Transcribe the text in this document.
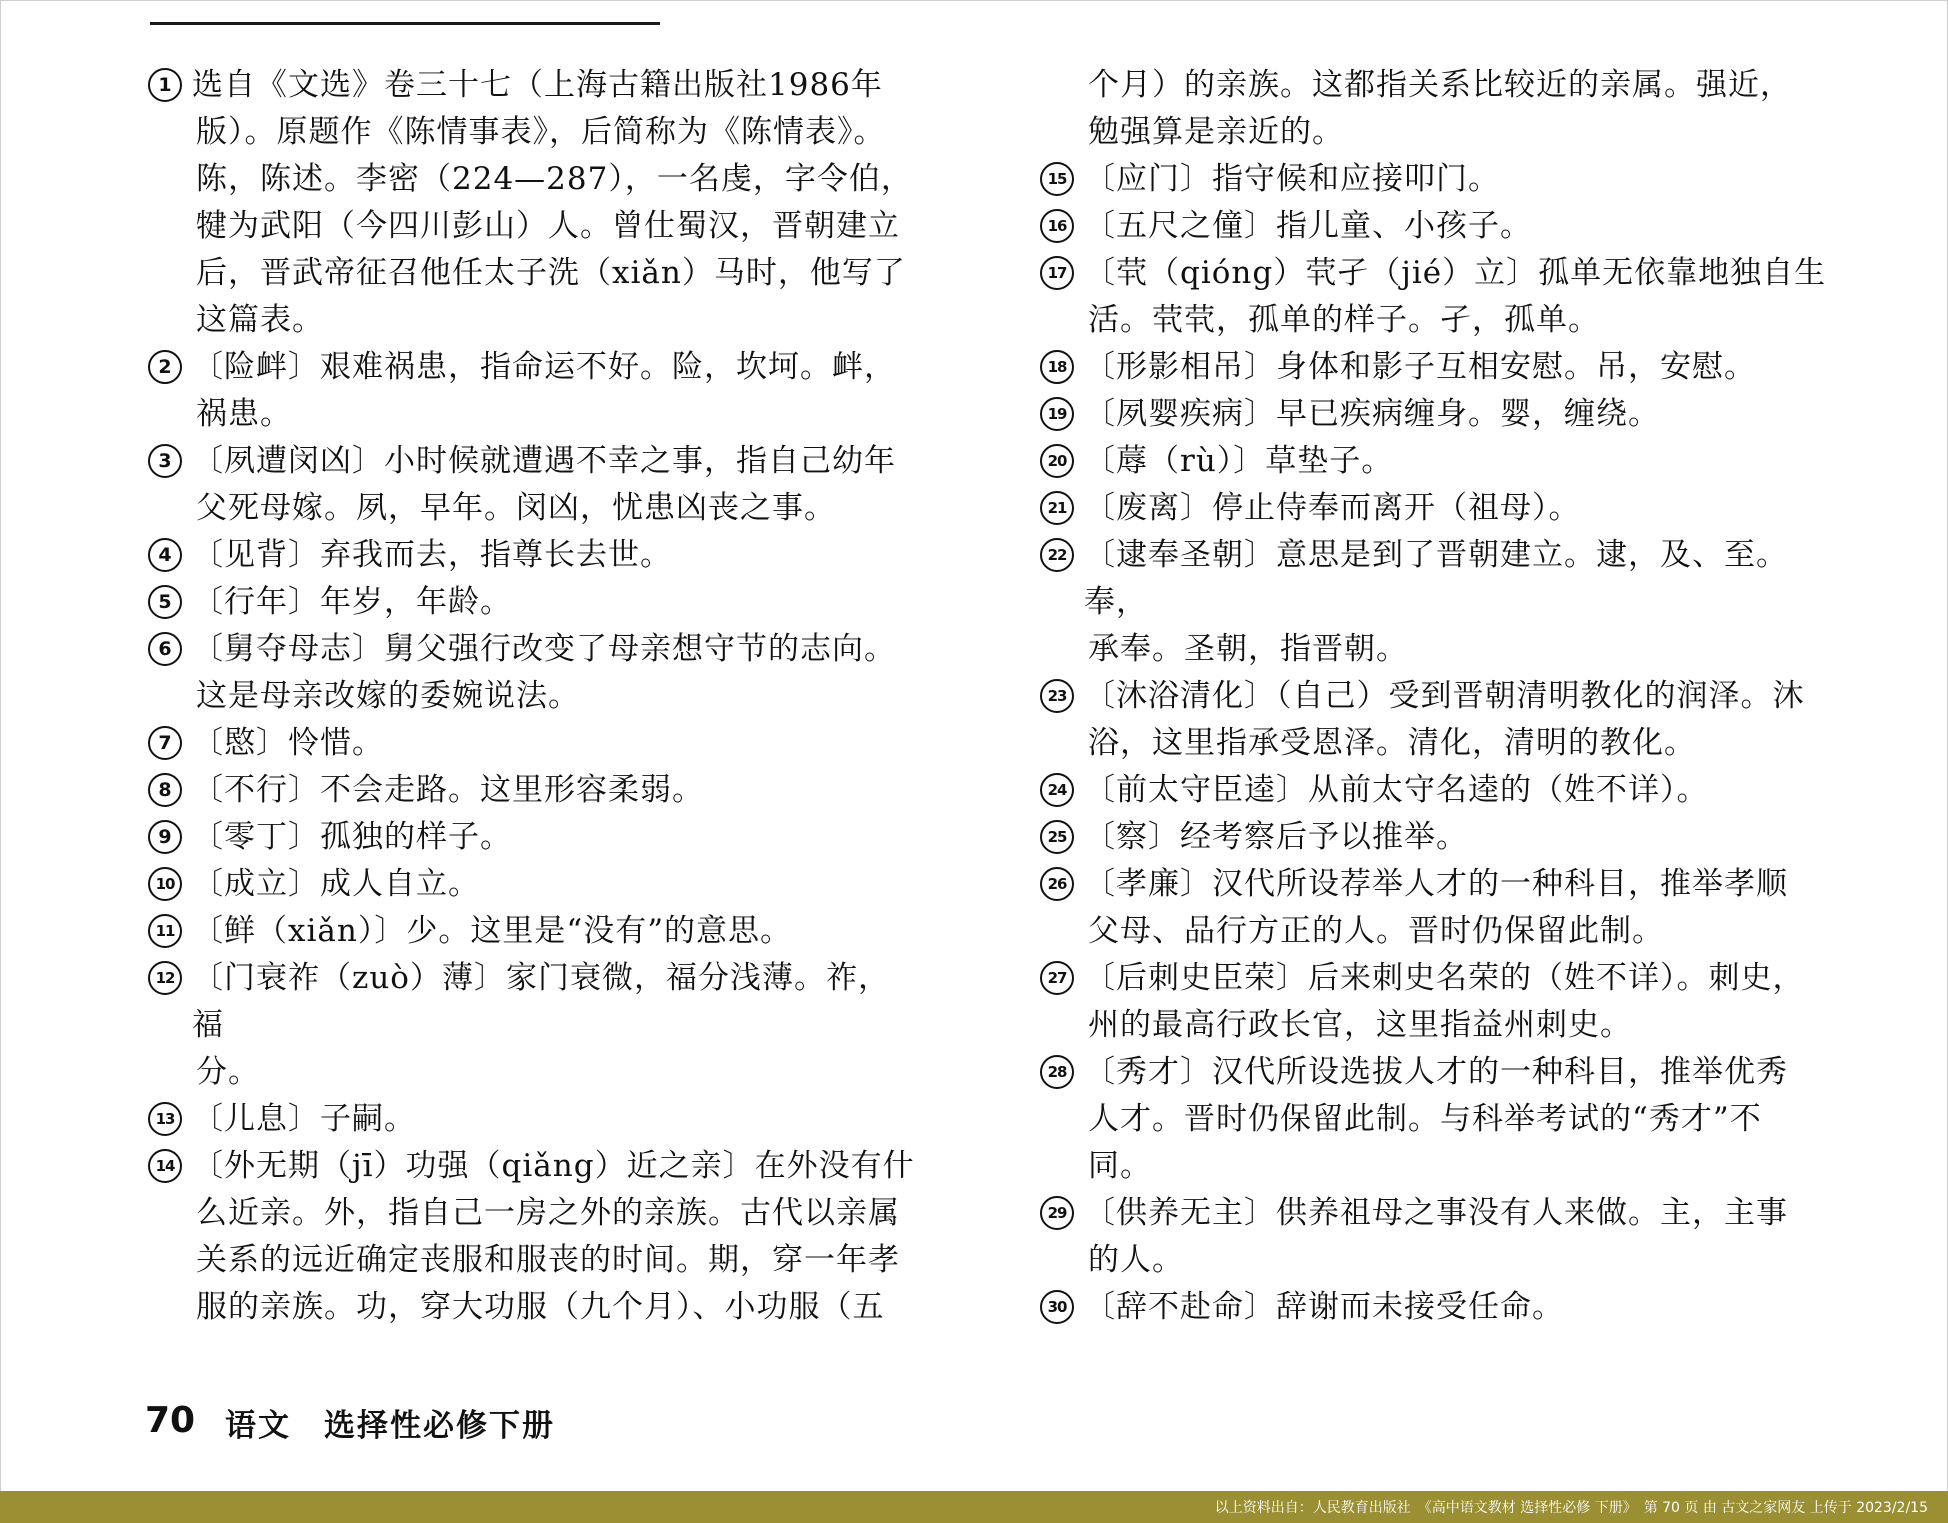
1 选自《文选》卷三十七（上海古籍出版社1986年
版）。原题作《陈情事表》，后简称为《陈情表》。
陈，陈述。李密（224—287），一名虔，字令伯，
犍为武阳（今四川彭山）人。曾仕蜀汉，晋朝建立
后，晋武帝征召他任太子洗（xiǎn）马时，他写了
这篇表。
2 〔险衅〕艰难祸患，指命运不好。险，坎坷。衅，
祸患。
3 〔夙遭闵凶〕小时候就遭遇不幸之事，指自己幼年
父死母嫁。夙，早年。闵凶，忧患凶丧之事。
4 〔见背〕弃我而去，指尊长去世。
5 〔行年〕年岁，年龄。
6 〔舅夺母志〕舅父强行改变了母亲想守节的志向。
这是母亲改嫁的委婉说法。
7 〔愍〕怜惜。
8 〔不行〕不会走路。这里形容柔弱。
9 〔零丁〕孤独的样子。
10 〔成立〕成人自立。
11 〔鲜（xiǎn）〕少。这里是“没有”的意思。
12 〔门衰祚（zuò）薄〕家门衰微，福分浅薄。祚，福
分。
13 〔儿息〕子嗣。
14 〔外无期（jī）功强（qiǎng）近之亲〕在外没有什
么近亲。外，指自己一房之外的亲族。古代以亲属
关系的远近确定丧服和服丧的时间。期，穿一年孝
服的亲族。功，穿大功服（九个月）、小功服（五
个月）的亲族。这都指关系比较近的亲属。强近，
勉强算是亲近的。
15 〔应门〕指守候和应接叩门。
16 〔五尺之僮〕指儿童、小孩子。
17 〔茕（qióng）茕孑（jié）立〕孤单无依靠地独自生
活。茕茕，孤单的样子。孑，孤单。
18 〔形影相吊〕身体和影子互相安慰。吊，安慰。
19 〔夙婴疾病〕早已疾病缠身。婴，缠绕。
20 〔蓐（rù）〕草垫子。
21 〔废离〕停止侍奉而离开（祖母）。
22 〔逮奉圣朝〕意思是到了晋朝建立。逮，及、至。奉，
承奉。圣朝，指晋朝。
23 〔沐浴清化〕（自己）受到晋朝清明教化的润泽。沐
浴，这里指承受恩泽。清化，清明的教化。
24 〔前太守臣逵〕从前太守名逵的（姓不详）。
25 〔察〕经考察后予以推举。
26 〔孝廉〕汉代所设荐举人才的一种科目，推举孝顺
父母、品行方正的人。晋时仍保留此制。
27 〔后刺史臣荣〕后来刺史名荣的（姓不详）。刺史，
州的最高行政长官，这里指益州刺史。
28 〔秀才〕汉代所设选拔人才的一种科目，推举优秀
人才。晋时仍保留此制。与科举考试的“秀才”不
同。
29 〔供养无主〕供养祖母之事没有人来做。主，主事
的人。
30 〔辞不赴命〕辞谢而未接受任命。
70 语文　选择性必修下册
以上资料出自：人民教育出版社　《高中语文教材 选择性必修 下册》　第 70 页 由 古文之家网友 上传于 2023/2/15
